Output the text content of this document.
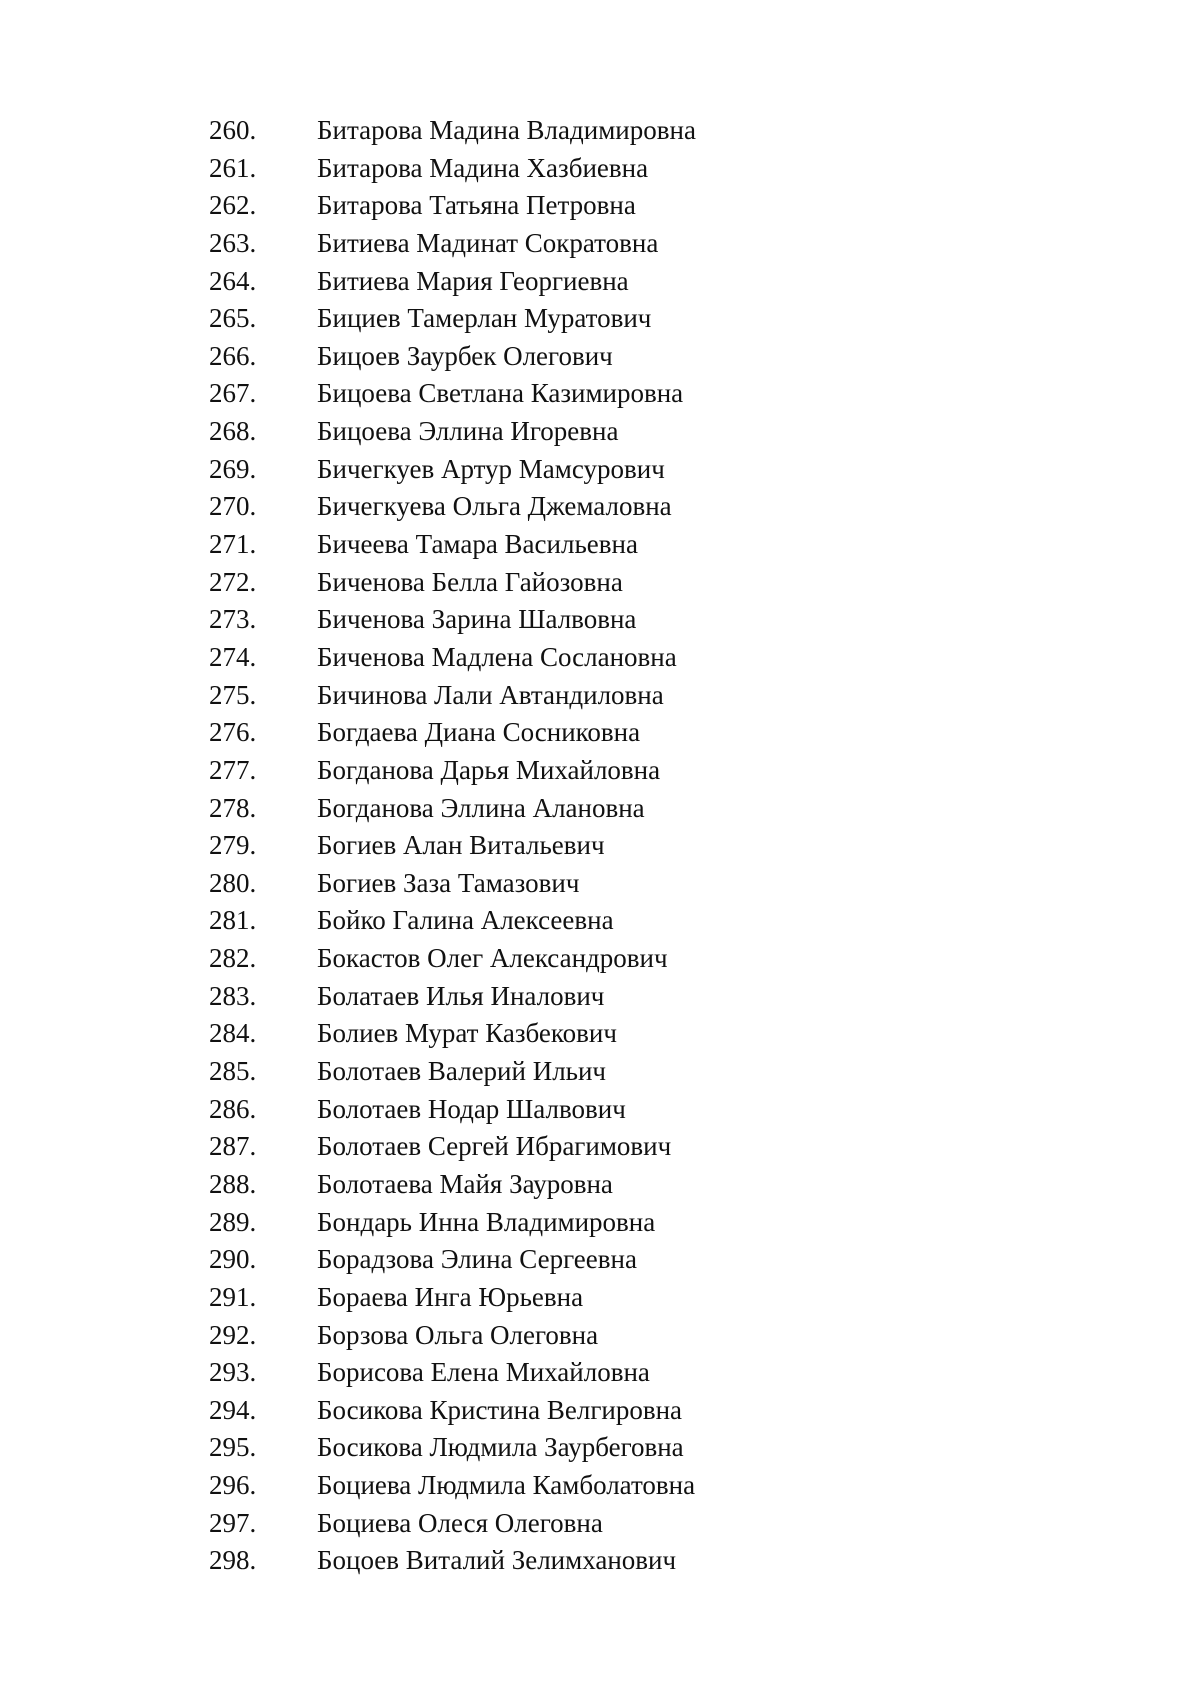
260. Битарова Мадина Владимировна
261. Битарова Мадина Хазбиевна
262. Битарова Татьяна Петровна
263. Битиева Мадинат Сократовна
264. Битиева Мария Георгиевна
265. Бициев Тамерлан Муратович
266. Бицоев Заурбек Олегович
267. Бицоева Светлана Казимировна
268. Бицоева Эллина Игоревна
269. Бичегкуев Артур Мамсурович
270. Бичегкуева Ольга Джемаловна
271. Бичеева Тамара Васильевна
272. Биченова Белла Гайозовна
273. Биченова Зарина Шалвовна
274. Биченова Мадлена Сослановна
275. Бичинова Лали Автандиловна
276. Богдаева Диана Сосниковна
277. Богданова Дарья Михайловна
278. Богданова Эллина Алановна
279. Богиев Алан Витальевич
280. Богиев Заза Тамазович
281. Бойко Галина Алексеевна
282. Бокастов Олег Александрович
283. Болатаев Илья Иналович
284. Болиев Мурат Казбекович
285. Болотаев Валерий Ильич
286. Болотаев Нодар Шалвович
287. Болотаев Сергей Ибрагимович
288. Болотаева Майя Зауровна
289. Бондарь Инна Владимировна
290. Борадзова Элина Сергеевна
291. Бораева Инга Юрьевна
292. Борзова Ольга Олеговна
293. Борисова Елена Михайловна
294. Босикова Кристина Велгировна
295. Босикова Людмила Заурбеговна
296. Боциева Людмила Камболатовна
297. Боциева Олеся Олеговна
298. Боцоев Виталий Зелимханович
